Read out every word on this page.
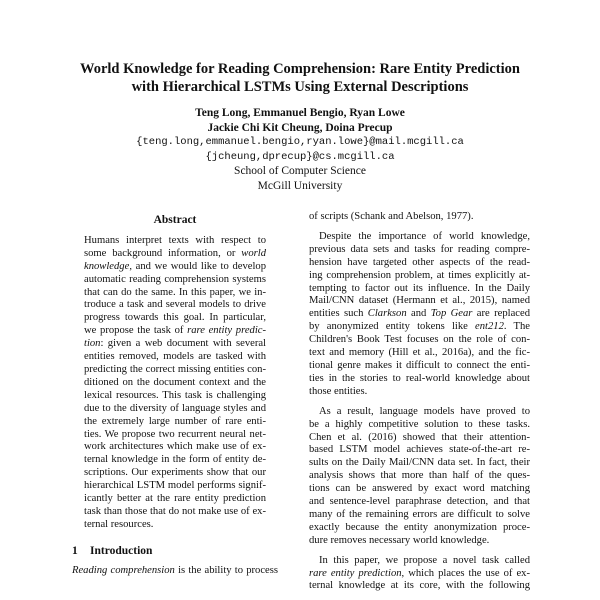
World Knowledge for Reading Comprehension: Rare Entity Prediction
with Hierarchical LSTMs Using External Descriptions
Teng Long, Emmanuel Bengio, Ryan Lowe
Jackie Chi Kit Cheung, Doina Precup
{teng.long,emmanuel.bengio,ryan.lowe}@mail.mcgill.ca
{jcheung,dprecup}@cs.mcgill.ca
School of Computer Science
McGill University
Abstract
Humans interpret texts with respect to
some background information, or world
knowledge, and we would like to develop
automatic reading comprehension systems
that can do the same. In this paper, we in-
troduce a task and several models to drive
progress towards this goal. In particular,
we propose the task of rare entity predic-
tion: given a web document with several
entities removed, models are tasked with
predicting the correct missing entities con-
ditioned on the document context and the
lexical resources. This task is challenging
due to the diversity of language styles and
the extremely large number of rare enti-
ties. We propose two recurrent neural net-
work architectures which make use of ex-
ternal knowledge in the form of entity de-
scriptions. Our experiments show that our
hierarchical LSTM model performs signif-
icantly better at the rare entity prediction
task than those that do not make use of ex-
ternal resources.
1 Introduction
Reading comprehension is the ability to process
of scripts (Schank and Abelson, 1977).
Despite the importance of world knowledge,
previous data sets and tasks for reading compre-
hension have targeted other aspects of the read-
ing comprehension problem, at times explicitly at-
tempting to factor out its influence. In the Daily
Mail/CNN dataset (Hermann et al., 2015), named
entities such Clarkson and Top Gear are replaced
by anonymized entity tokens like ent212. The
Children's Book Test focuses on the role of con-
text and memory (Hill et al., 2016a), and the fic-
tional genre makes it difficult to connect the enti-
ties in the stories to real-world knowledge about
those entities.
As a result, language models have proved to
be a highly competitive solution to these tasks.
Chen et al. (2016) showed that their attention-
based LSTM model achieves state-of-the-art re-
sults on the Daily Mail/CNN data set. In fact, their
analysis shows that more than half of the ques-
tions can be answered by exact word matching
and sentence-level paraphrase detection, and that
many of the remaining errors are difficult to solve
exactly because the entity anonymization proce-
dure removes necessary world knowledge.
In this paper, we propose a novel task called
rare entity prediction, which places the use of ex-
ternal knowledge at its core, with the following
